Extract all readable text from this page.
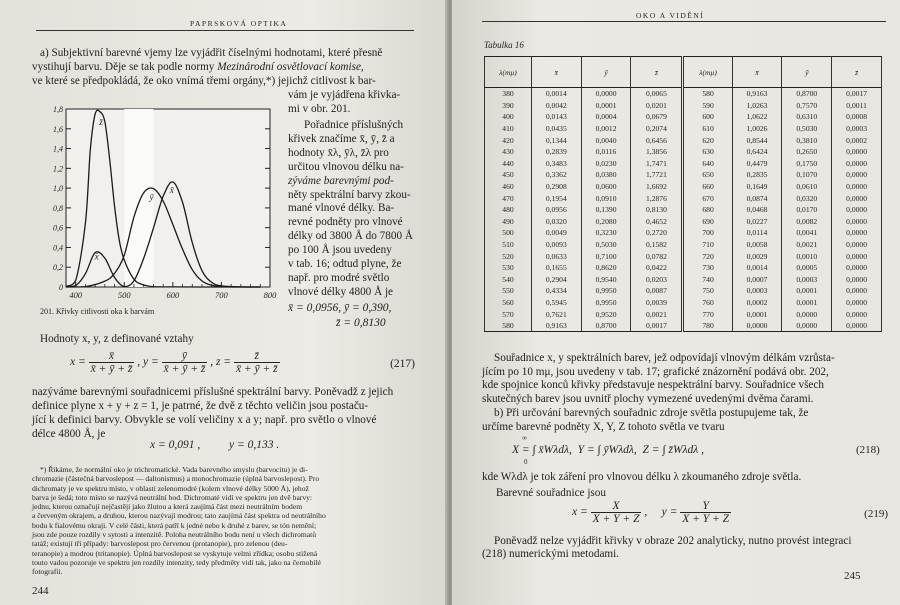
PAPRSKOVÁ OPTIKA
a) Subjektivní barevné vjemy lze vyjádřit číselnými hodnotami, které přesně
vystihují barvu. Děje se tak podle normy Mezinárodní osvětlovací komise,
ve které se předpokládá, že oko vnímá třemi orgány,*) jejichž citlivost k bar-
vám je vyjádřena křivka-
mi v obr. 201.
Pořadnice příslušných
křivek značíme x̄, ȳ, z̄ a
hodnoty x̄λ, ȳλ, z̄λ pro
určitou vlnovou délku na-
zýváme barevnými pod-
něty spektrální barvy zkou-
mané vlnové délky. Ba-
revné podněty pro vlnové
délky od 3800 Å do 7800 Å
po 100 Å jsou uvedeny
v tab. 16; odtud plyne, že
např. pro modré světlo
vlnové délky 4800 Å je
x̄ = 0,0956, ȳ = 0,390,
z̄ = 0,8130
0
0,2
0,4
0,6
0,8
1,0
1,2
1,4
1,6
1,8
400	500	600	700	800
z̄
ȳ
x̄
x̄
201. Křivky citlivosti oka k barvám
Hodnoty x, y, z definované vztahy
$x = \frac{x̄}{x̄ + ȳ + z̄}$ , $y = \frac{ȳ}{x̄ + ȳ + z̄}$ , $z = \frac{z̄}{x̄ + ȳ + z̄}$	(217)
nazýváme barevnými souřadnicemi příslušné spektrální barvy. Poněvadž z jejich
definice plyne x + y + z = 1, je patrné, že dvě z těchto veličin jsou postaču-
jící k definici barvy. Obvykle se volí veličiny x a y; např. pro světlo o vlnové
délce 4800 Å, je
x = 0,091 ,          y = 0,133 .
*) Říkáme, že normální oko je trichromatické. Vada barevného smyslu (barvocitu) je di-
chromazie (částečná barvoslepost — daltonismus) a monochromazie (úplná barvoslepost). Pro
dichromaty je ve spektru místo, v oblasti zelenomodré (kolem vlnové délky 5000 Å), jehož
barva je šedá; toto místo se nazývá neutrální bod. Dichromaté vidí ve spektru jen dvě barvy:
jednu, kterou označují nejčastěji jako žlutou a která zaujímá část mezi neutrálním bodem
a červeným okrajem, a druhou, kterou nazývají modrou; tato zaujímá část spektra od neutrálního
bodu k fialovému okraji. V celé části, která patří k jedné nebo k druhé z barev, se tón nemění;
jsou zde pouze rozdíly v sytosti a intenzitě. Poloha neutrálního bodu není u všech dichromatů
tatáž; existují tři případy: barvoslepost pro červenou (protanopie), pro zelenou (deu-
teranopie) a modrou (tritanopie). Úplná barvoslepost se vyskytuje velmi zřídka; osobu stižená
touto vadou pozoruje ve spektru jen rozdíly intenzity, tedy předměty vidí tak, jako na černobílé
fotografii.
244
OKO A VIDĚNÍ
Tabulka 16
λ(mμ)	x̄	ȳ	z̄	λ(mμ)	x̄	ȳ	z̄
380	0,0014	0,0000	0,0065	580	0,9163	0,8700	0,0017
390	0,0042	0,0001	0,0201	590	1,0263	0,7570	0,0011
400	0,0143	0,0004	0,0679	600	1,0622	0,6310	0,0008
410	0,0435	0,0012	0,2074	610	1,0026	0,5030	0,0003
420	0,1344	0,0040	0,6456	620	0,8544	0,3810	0,0002
430	0,2839	0,0116	1,3856	630	0,6424	0,2650	0,0000
440	0,3483	0,0230	1,7471	640	0,4479	0,1750	0,0000
450	0,3362	0,0380	1,7721	650	0,2835	0,1070	0,0000
460	0,2908	0,0600	1,6692	660	0,1649	0,0610	0,0000
470	0,1954	0,0910	1,2876	670	0,0874	0,0320	0,0000
480	0,0956	0,1390	0,8130	680	0,0468	0,0170	0,0000
490	0,0320	0,2080	0,4652	690	0,0227	0,0082	0,0000
500	0,0049	0,3230	0,2720	700	0,0114	0,0041	0,0000
510	0,0093	0,5030	0,1582	710	0,0058	0,0021	0,0000
520	0,0633	0,7100	0,0782	720	0,0029	0,0010	0,0000
530	0,1655	0,8620	0,0422	730	0,0014	0,0005	0,0000
540	0,2904	0,9540	0,0203	740	0,0007	0,0003	0,0000
550	0,4334	0,9950	0,0087	750	0,0003	0,0001	0,0000
560	0,5945	0,9950	0,0039	760	0,0002	0,0001	0,0000
570	0,7621	0,9520	0,0021	770	0,0001	0,0000	0,0000
580	0,9163	0,8700	0,0017	780	0,0000	0,0000	0,0000
Souřadnice x, y spektrálních barev, jež odpovídají vlnovým délkám vzrůsta-
jícím po 10 mμ, jsou uvedeny v tab. 17; grafické znázornění podává obr. 202,
kde spojnice konců křivky představuje nespektrální barvy. Souřadnice všech
skutečných barev jsou uvnitř plochy vymezené uvedenými dvěma čarami.
b) Při určování barevných souřadnic zdroje světla postupujeme tak, že
určíme barevné podněty X, Y, Z tohoto světla ve tvaru
∞
X = ∫ x̄Wλdλ,  Y = ∫ ȳWλdλ,  Z = ∫ z̄Wλdλ ,
0
(218)
kde Wλdλ je tok záření pro vlnovou délku λ zkoumaného zdroje světla.
Barevné souřadnice jsou
$x = \frac{X}{X + Y + Z}$ ,     $y = \frac{Y}{X + Y + Z}$	(219)
Poněvadž nelze vyjádřit křivky v obraze 202 analyticky, nutno provést integraci
(218) numerickými metodami.
245
